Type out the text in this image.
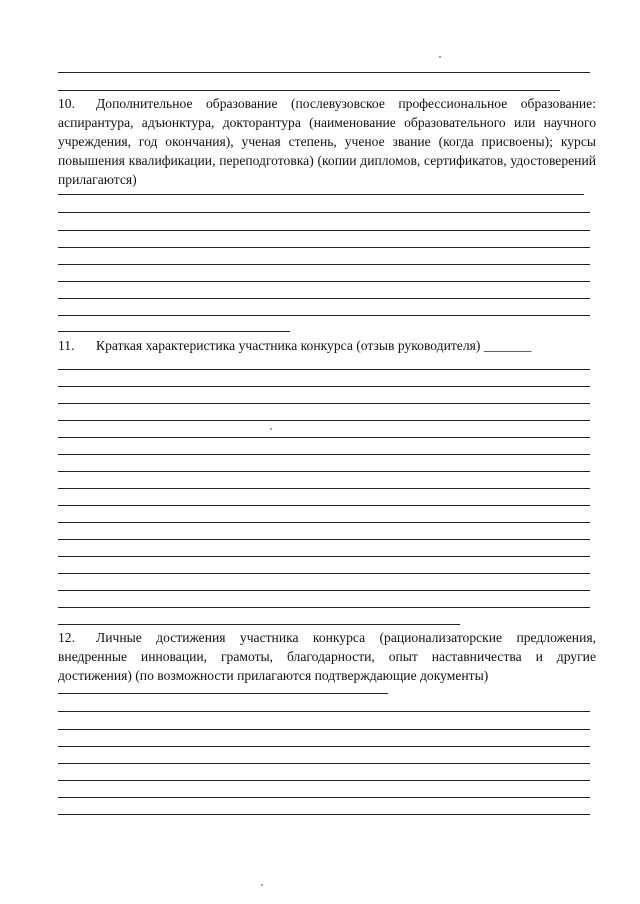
10. Дополнительное образование (послевузовское профессиональное образование: аспирантура, адъюнктура, докторантура (наименование образовательного или научного учреждения, год окончания), ученая степень, ученое звание (когда присвоены); курсы повышения квалификации, переподготовка) (копии дипломов, сертификатов, удостоверений прилагаются)

11. Краткая характеристика участника конкурса (отзыв руководителя) _______

12. Личные достижения участника конкурса (рационализаторские предложения, внедренные инновации, грамоты, благодарности, опыт наставничества и другие достижения) (по возможности прилагаются подтверждающие документы)
